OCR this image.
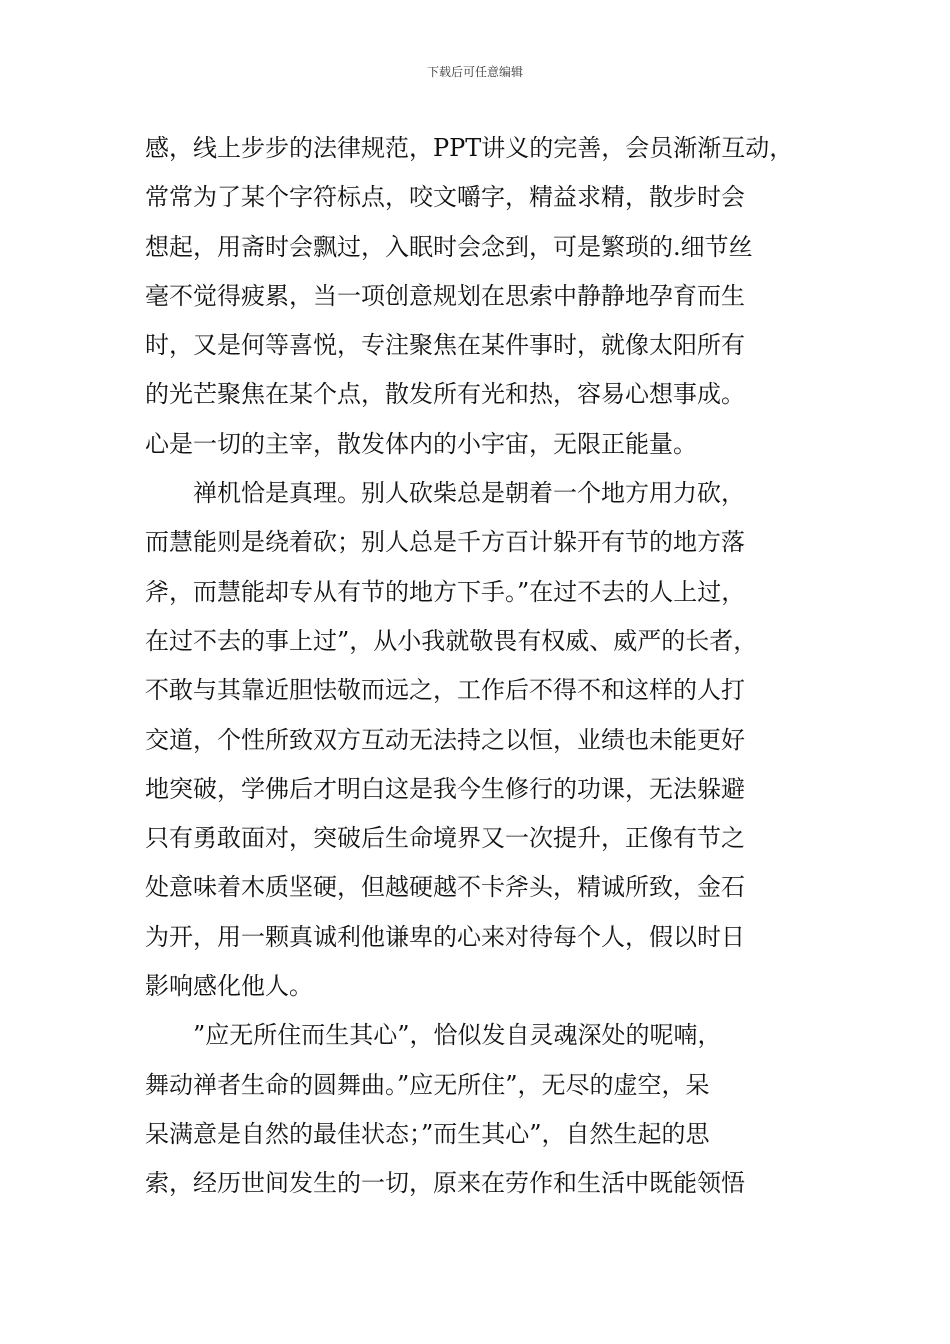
下载后可任意编辑
感，线上步步的法律规范，PPT讲义的完善，会员渐渐互动，
常常为了某个字符标点，咬文嚼字，精益求精，散步时会
想起，用斋时会飘过，入眠时会念到，可是繁琐的.细节丝
毫不觉得疲累，当一项创意规划在思索中静静地孕育而生
时，又是何等喜悦，专注聚焦在某件事时，就像太阳所有
的光芒聚焦在某个点，散发所有光和热，容易心想事成。
心是一切的主宰，散发体内的小宇宙，无限正能量。
禅机恰是真理。别人砍柴总是朝着一个地方用力砍，
而慧能则是绕着砍；别人总是千方百计躲开有节的地方落
斧，而慧能却专从有节的地方下手。”在过不去的人上过，
在过不去的事上过”，从小我就敬畏有权威、威严的长者，
不敢与其靠近胆怯敬而远之，工作后不得不和这样的人打
交道，个性所致双方互动无法持之以恒，业绩也未能更好
地突破，学佛后才明白这是我今生修行的功课，无法躲避
只有勇敢面对，突破后生命境界又一次提升，正像有节之
处意味着木质坚硬，但越硬越不卡斧头，精诚所致，金石
为开，用一颗真诚利他谦卑的心来对待每个人，假以时日
影响感化他人。
”应无所住而生其心”，恰似发自灵魂深处的呢喃，
舞动禅者生命的圆舞曲。”应无所住”，无尽的虚空，呆
呆满意是自然的最佳状态；”而生其心”，自然生起的思
索，经历世间发生的一切，原来在劳作和生活中既能领悟
